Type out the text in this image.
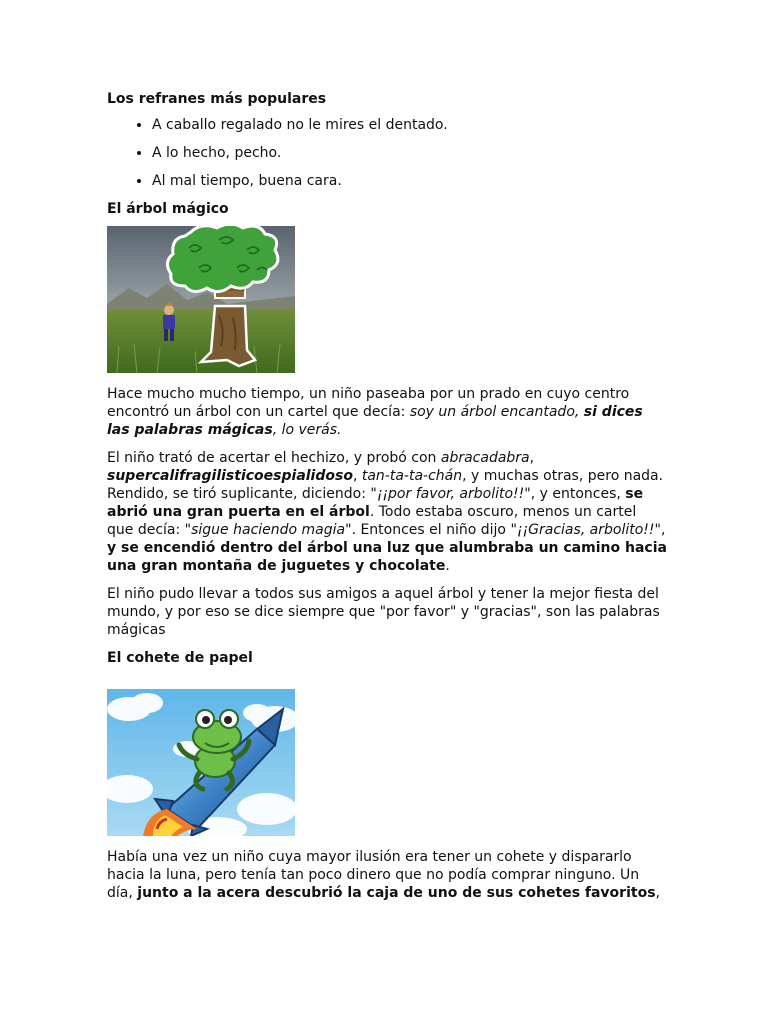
Los refranes más populares
• A caballo regalado no le mires el dentado.
• A lo hecho, pecho.
• Al mal tiempo, buena cara.
El árbol mágico

Hace mucho mucho tiempo, un niño paseaba por un prado en cuyo centro encontró un árbol con un cartel que decía: soy un árbol encantado, si dices las palabras mágicas, lo verás.

El niño trató de acertar el hechizo, y probó con abracadabra, supercalifragilisticoespialidoso, tan-ta-ta-chán, y muchas otras, pero nada. Rendido, se tiró suplicante, diciendo: "¡¡por favor, arbolito!!", y entonces, se abrió una gran puerta en el árbol. Todo estaba oscuro, menos un cartel que decía: "sigue haciendo magia". Entonces el niño dijo "¡¡Gracias, arbolito!!", y se encendió dentro del árbol una luz que alumbraba un camino hacia una gran montaña de juguetes y chocolate.

El niño pudo llevar a todos sus amigos a aquel árbol y tener la mejor fiesta del mundo, y por eso se dice siempre que "por favor" y "gracias", son las palabras mágicas

El cohete de papel

Había una vez un niño cuya mayor ilusión era tener un cohete y dispararlo hacia la luna, pero tenía tan poco dinero que no podía comprar ninguno. Un día, junto a la acera descubrió la caja de uno de sus cohetes favoritos,
